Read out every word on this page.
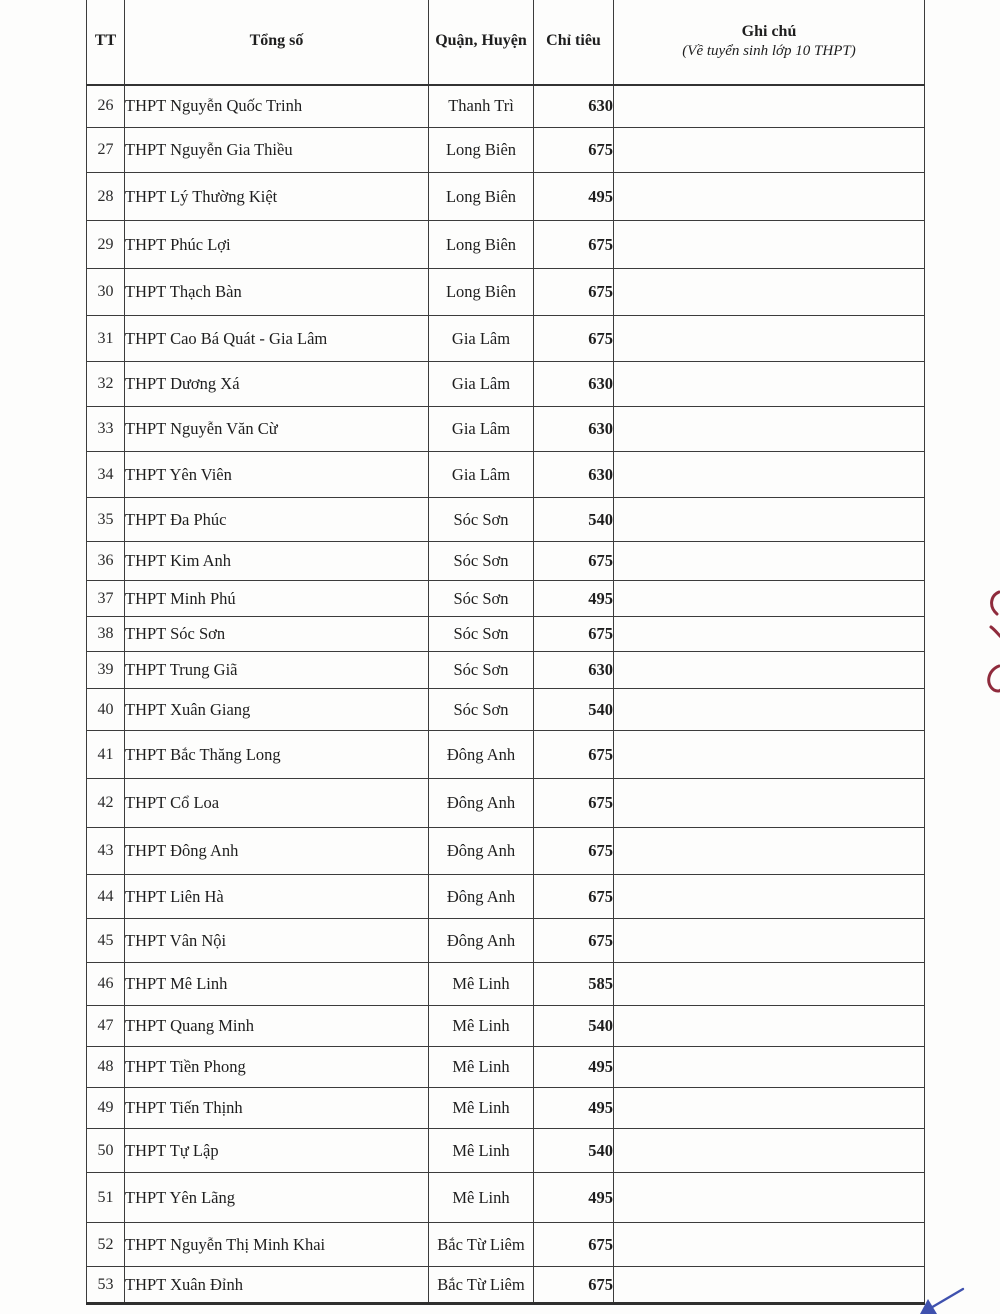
TT	Tổng số	Quận, Huyện	Chỉ tiêu	Ghi chú
(Về tuyển sinh lớp 10 THPT)

26	THPT Nguyễn Quốc Trinh	Thanh Trì	630	
27	THPT Nguyễn Gia Thiều	Long Biên	675	
28	THPT Lý Thường Kiệt	Long Biên	495	
29	THPT Phúc Lợi	Long Biên	675	
30	THPT Thạch Bàn	Long Biên	675	
31	THPT Cao Bá Quát - Gia Lâm	Gia Lâm	675	
32	THPT Dương Xá	Gia Lâm	630	
33	THPT Nguyễn Văn Cừ	Gia Lâm	630	
34	THPT Yên Viên	Gia Lâm	630	
35	THPT Đa Phúc	Sóc Sơn	540	
36	THPT Kim Anh	Sóc Sơn	675	
37	THPT Minh Phú	Sóc Sơn	495	
38	THPT Sóc Sơn	Sóc Sơn	675	
39	THPT Trung Giã	Sóc Sơn	630	
40	THPT Xuân Giang	Sóc Sơn	540	
41	THPT Bắc Thăng Long	Đông Anh	675	
42	THPT Cổ Loa	Đông Anh	675	
43	THPT Đông Anh	Đông Anh	675	
44	THPT Liên Hà	Đông Anh	675	
45	THPT Vân Nội	Đông Anh	675	
46	THPT Mê Linh	Mê Linh	585	
47	THPT Quang Minh	Mê Linh	540	
48	THPT Tiền Phong	Mê Linh	495	
49	THPT Tiến Thịnh	Mê Linh	495	
50	THPT Tự Lập	Mê Linh	540	
51	THPT Yên Lãng	Mê Linh	495	
52	THPT Nguyễn Thị Minh Khai	Bắc Từ Liêm	675	
53	THPT Xuân Đỉnh	Bắc Từ Liêm	675	
